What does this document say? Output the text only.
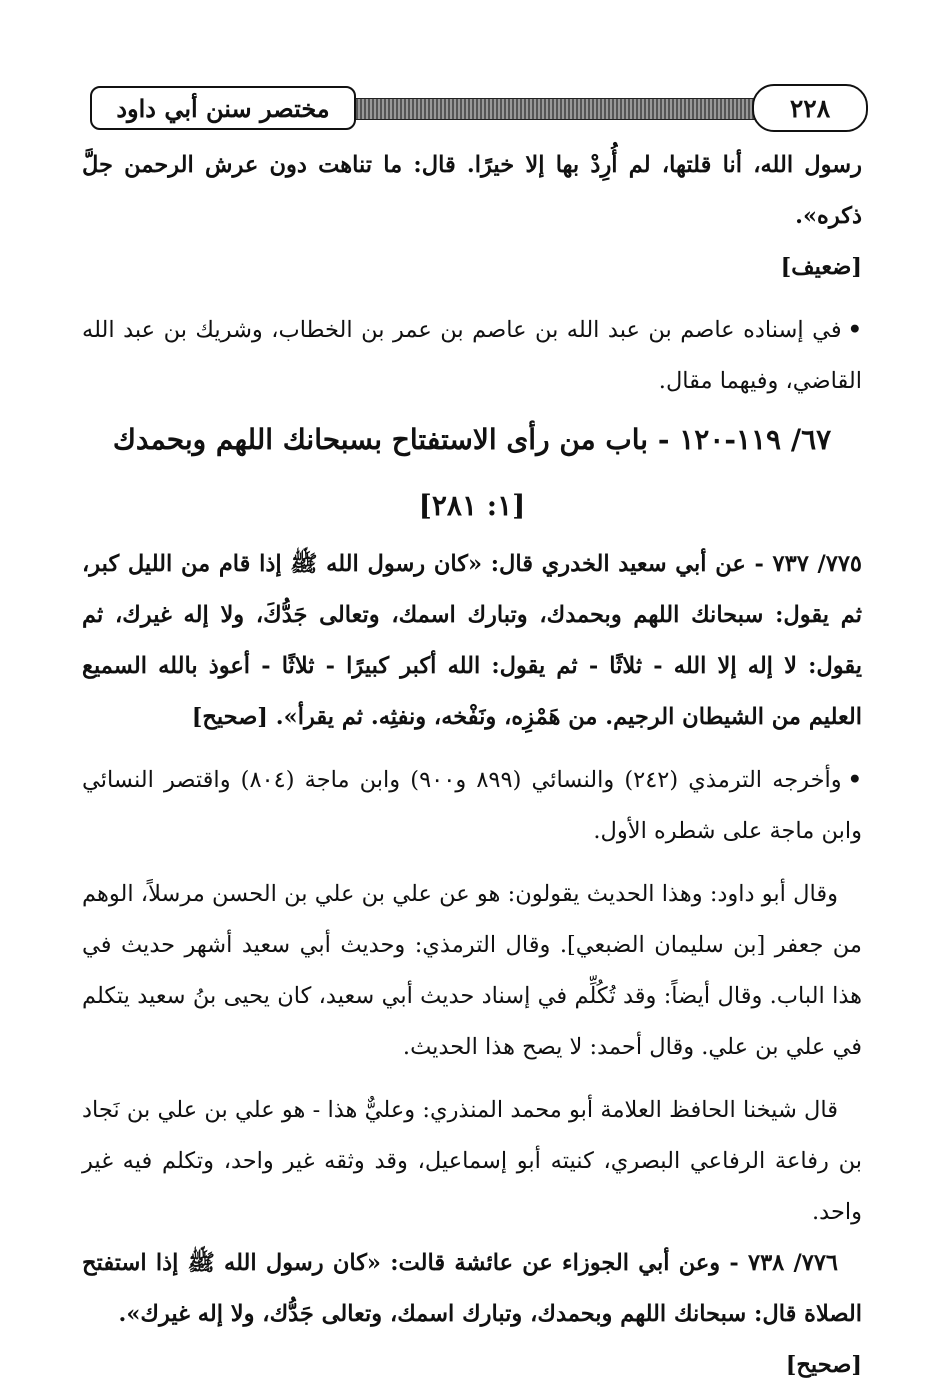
مختصر سنن أبي داود	٢٢٨

رسول الله، أنا قلتها، لم أُرِدْ بها إلا خيرًا. قال: ما تناهت دون عرش الرحمن جلَّ ذكره».

[ضعيف]

•في إسناده عاصم بن عبد الله بن عاصم بن عمر بن الخطاب، وشريك بن عبد الله القاضي، وفيهما مقال.

٦٧/ ١١٩-١٢٠ - باب من رأى الاستفتاح بسبحانك اللهم وبحمدك

[١: ٢٨١]

٧٧٥/ ٧٣٧ - عن أبي سعيد الخدري قال: «كان رسول الله ﷺ إذا قام من الليل كبر، ثم يقول: سبحانك اللهم وبحمدك، وتبارك اسمك، وتعالى جَدُّكَ، ولا إله غيرك، ثم يقول: لا إله إلا الله - ثلاثًا - ثم يقول: الله أكبر كبيرًا - ثلاثًا - أعوذ بالله السميع العليم من الشيطان الرجيم. من هَمْزِه، ونَفْخه، ونفثِه. ثم يقرأ». [صحيح]

•وأخرجه الترمذي (٢٤٢) والنسائي (٨٩٩ و٩٠٠) وابن ماجة (٨٠٤) واقتصر النسائي وابن ماجة على شطره الأول.

وقال أبو داود: وهذا الحديث يقولون: هو عن علي بن علي بن الحسن مرسلاً، الوهم من جعفر [بن سليمان الضبعي]. وقال الترمذي: وحديث أبي سعيد أشهر حديث في هذا الباب. وقال أيضاً: وقد تُكُلِّم في إسناد حديث أبي سعيد، كان يحيى بنُ سعيد يتكلم في علي بن علي. وقال أحمد: لا يصح هذا الحديث.

قال شيخنا الحافظ العلامة أبو محمد المنذري: وعليٌّ هذا - هو علي بن علي بن نَجاد بن رفاعة الرفاعي البصري، كنيته أبو إسماعيل، وقد وثقه غير واحد، وتكلم فيه غير واحد.

٧٧٦/ ٧٣٨ - وعن أبي الجوزاء عن عائشة قالت: «كان رسول الله ﷺ إذا استفتح الصلاة قال: سبحانك اللهم وبحمدك، وتبارك اسمك، وتعالى جَدُّك، ولا إله غيرك».

[صحيح]
